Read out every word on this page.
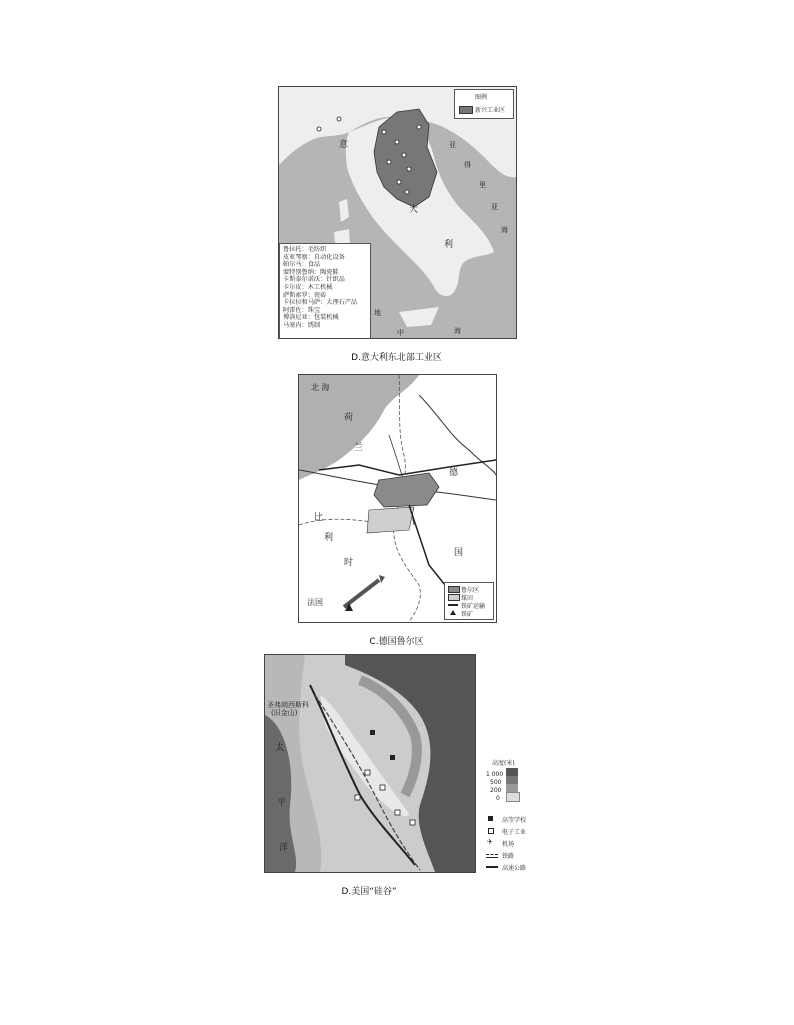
意
大
利
亚
得
里
亚
海
地
中	海
图例
新兴工业区
鲁拉托：毛纺织
皮亚琴察：自动化设备
帕尔马：食品
蒙特别鲁纳：陶瓷鞋
卡斯泰尔诺沃：针织品
卡尔皮：木工机械
萨斯索罗：瓷砖
卡拉拉和马萨：大理石产品
阿雷佐：珠宝
博洛尼亚：包装机械
马塞内：绣制
D.意大利东北部工业区
北 海
荷
兰
德
国
比
利
时
法国
鲁尔区
煤田
铁矿运输
铁矿
C.德国鲁尔区
圣弗朗西斯科
(旧金山)
太
平
洋
高度(米)
1 000
500
200
0
高等学校
电子工业
✈ 机场
铁路
高速公路
D.美国“硅谷”
